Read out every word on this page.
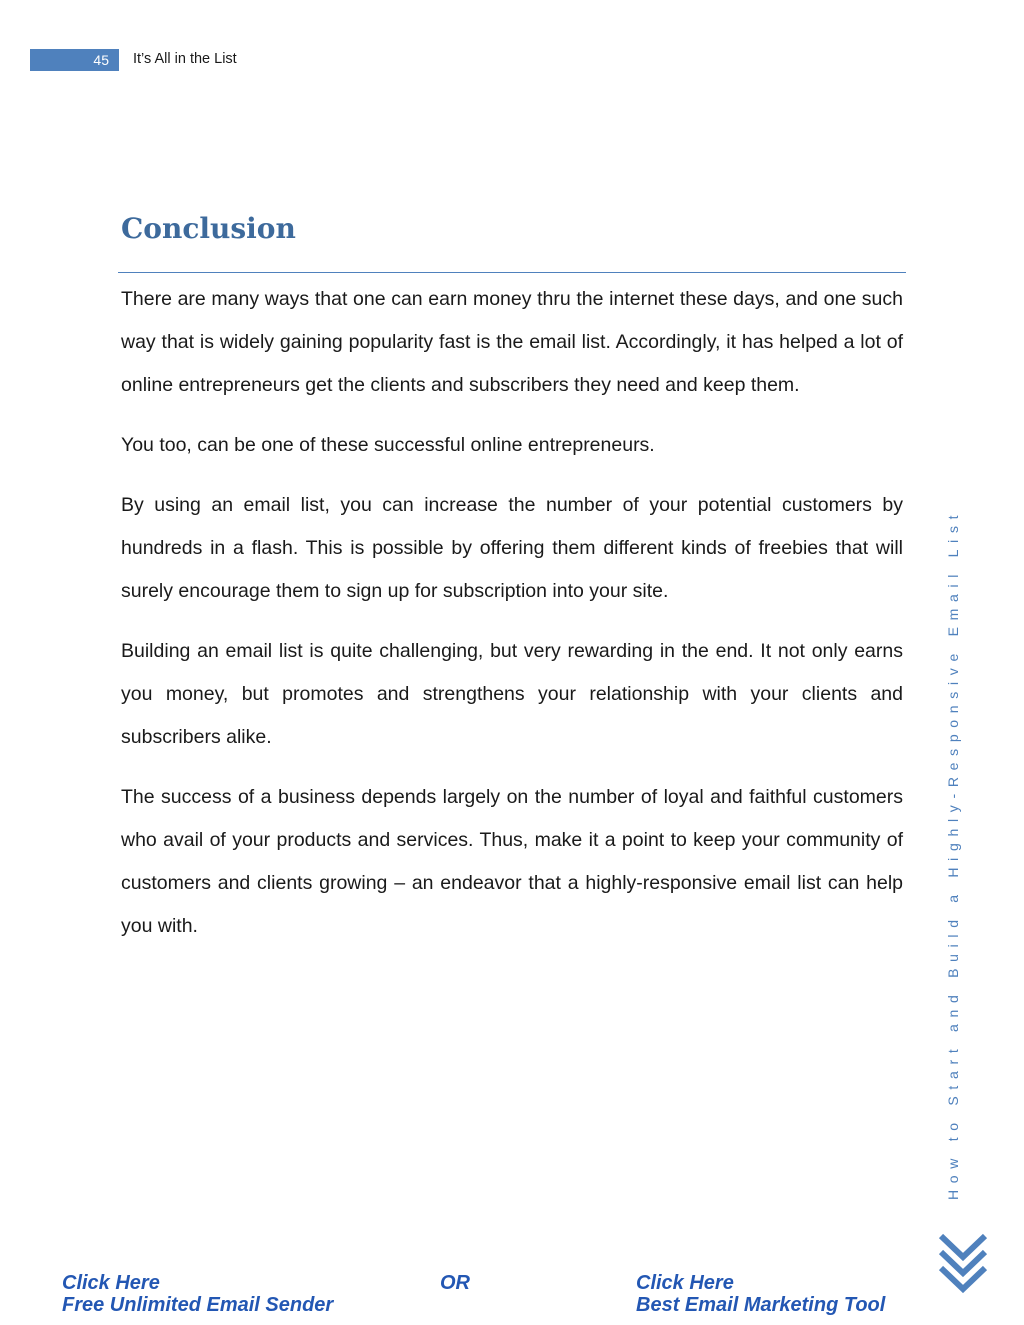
45	It’s All in the List
Conclusion

There are many ways that one can earn money thru the internet these days, and one such way that is widely gaining popularity fast is the email list. Accordingly, it has helped a lot of online entrepreneurs get the clients and subscribers they need and keep them.

You too, can be one of these successful online entrepreneurs.

By using an email list, you can increase the number of your potential customers by hundreds in a flash. This is possible by offering them different kinds of freebies that will surely encourage them to sign up for subscription into your site.

Building an email list is quite challenging, but very rewarding in the end. It not only earns you money, but promotes and strengthens your relationship with your clients and subscribers alike.

The success of a business depends largely on the number of loyal and faithful customers who avail of your products and services. Thus, make it a point to keep your community of customers and clients growing – an endeavor that a highly-responsive email list can help you with.	How to Start and Build a Highly-Responsive Email List
Click Here
Free Unlimited Email Sender
OR	Click Here
Best Email Marketing Tool
